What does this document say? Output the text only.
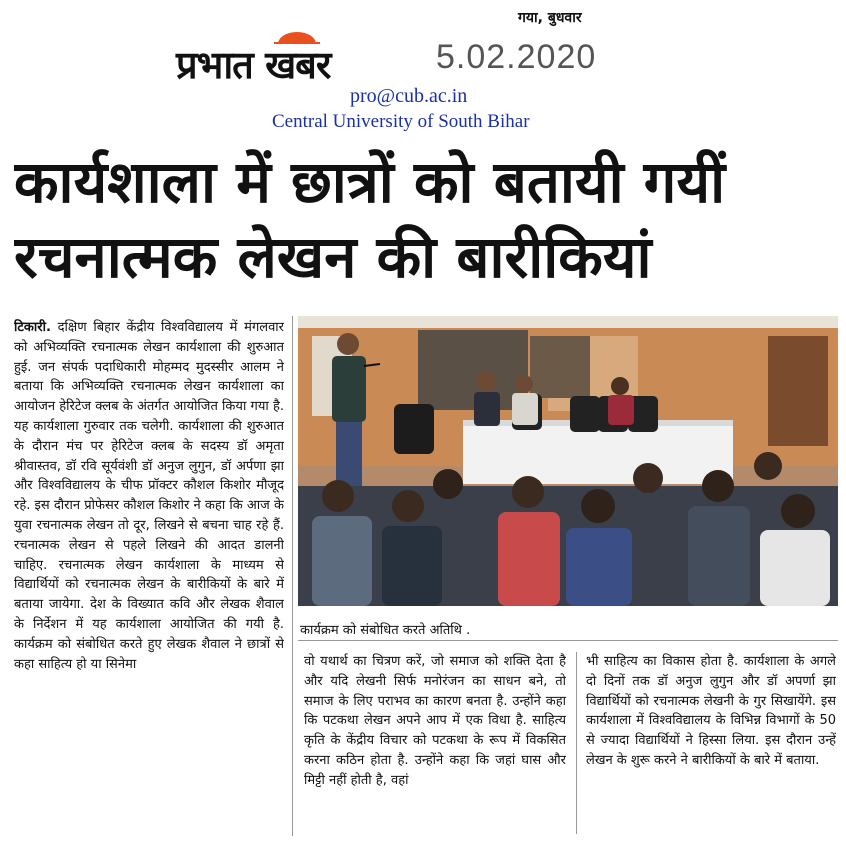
प्रभात खबर
गया, बुधवार
5.02.2020
pro@cub.ac.in
Central University of South Bihar
कार्यशाला में छात्रों को बतायी गयीं
रचनात्मक लेखन की बारीकियां
टिकारी. दक्षिण बिहार केंद्रीय विश्वविद्यालय में मंगलवार को अभिव्यक्ति रचनात्मक लेखन कार्यशाला की शुरुआत हुई. जन संपर्क पदाधिकारी मोहम्मद मुदस्सीर आलम ने बताया कि अभिव्यक्ति रचनात्मक लेखन कार्यशाला का आयोजन हेरिटेज क्लब के अंतर्गत आयोजित किया गया है. यह कार्यशाला गुरुवार तक चलेगी. कार्यशाला की शुरुआत के दौरान मंच पर हेरिटेज क्लब के सदस्य डॉ अमृता श्रीवास्तव, डॉ रवि सूर्यवंशी डॉ अनुज लुगुन, डॉ अर्पणा झा और विश्वविद्यालय के चीफ प्रॉक्टर कौशल किशोर मौजूद रहे. इस दौरान प्रोफेसर कौशल किशोर ने कहा कि आज के युवा रचनात्मक लेखन तो दूर, लिखने से बचना चाह रहे हैं. रचनात्मक लेखन से पहले लिखने की आदत डालनी चाहिए. रचनात्मक लेखन कार्यशाला के माध्यम से विद्यार्थियों को रचनात्मक लेखन के बारीकियों के बारे में बताया जायेगा. देश के विख्यात कवि और लेखक शैवाल के निर्देशन में यह कार्यशाला आयोजित की गयी है. कार्यक्रम को संबोधित करते हुए लेखक शैवाल ने छात्रों से कहा साहित्य हो या सिनेमा
कार्यक्रम को संबोधित करते अतिथि .
वो यथार्थ का चित्रण करें, जो समाज को शक्ति देता है और यदि लेखनी सिर्फ मनोरंजन का साधन बने, तो समाज के लिए पराभव का कारण बनता है. उन्होंने कहा कि पटकथा लेखन अपने आप में एक विधा है. साहित्य कृति के केंद्रीय विचार को पटकथा के रूप में विकसित करना कठिन होता है. उन्होंने कहा कि जहां घास और मिट्टी नहीं होती है, वहां
भी साहित्य का विकास होता है. कार्यशाला के अगले दो दिनों तक डॉ अनुज लुगुन और डॉ अपर्णा झा विद्यार्थियों को रचनात्मक लेखनी के गुर सिखायेंगे. इस कार्यशाला में विश्वविद्यालय के विभिन्न विभागों के 50 से ज्यादा विद्यार्थियों ने हिस्सा लिया. इस दौरान उन्हें लेखन के शुरू करने ने बारीकियों के बारे में बताया.
